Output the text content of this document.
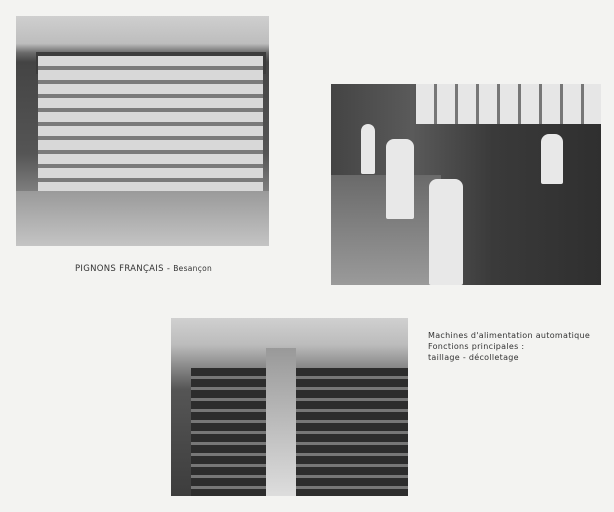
PIGNONS FRANÇAIS - Besançon
Machines d'alimentation automatique
Fonctions principales :
taillage - décolletage
